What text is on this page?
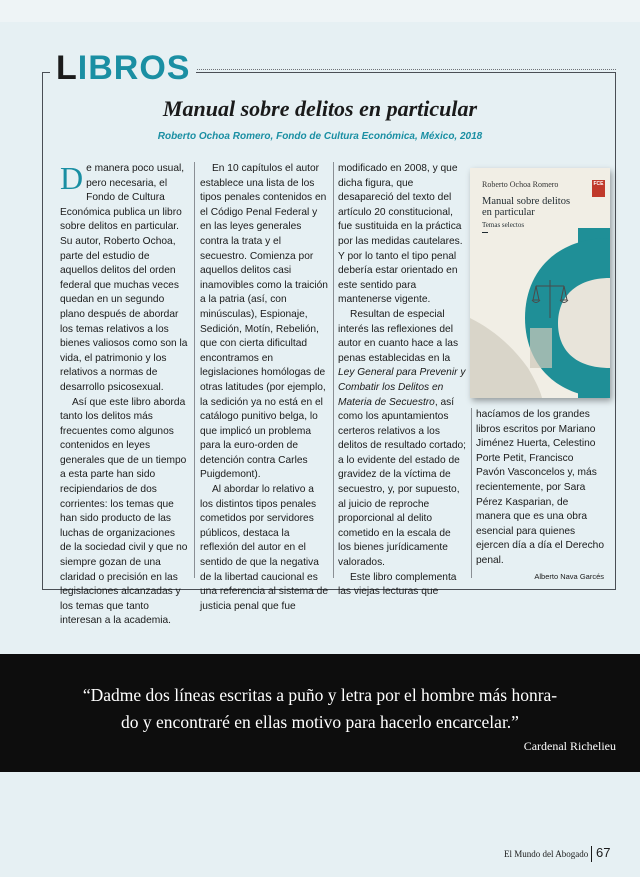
L IBROS
Manual sobre delitos en particular
Roberto Ochoa Romero, Fondo de Cultura Económica, México, 2018

De manera poco usual, pero necesaria, el Fondo de Cultura Económica publica un libro sobre delitos en particular. Su autor, Roberto Ochoa, parte del estudio de aquellos delitos del orden federal que muchas veces quedan en un segundo plano después de abordar los temas relativos a los bienes valiosos como son la vida, el patrimonio y los relativos a normas de desarrollo psicosexual.

Así que este libro aborda tanto los delitos más frecuentes como algunos contenidos en leyes generales que de un tiempo a esta parte han sido recipiendarios de dos corrientes: los temas que han sido producto de las luchas de organizaciones de la sociedad civil y que no siempre gozan de una claridad o precisión en las legislaciones alcanzadas y los temas que tanto interesan a la academia.

En 10 capítulos el autor establece una lista de los tipos penales contenidos en el Código Penal Federal y en las leyes generales contra la trata y el secuestro. Comienza por aquellos delitos casi inamovibles como la traición a la patria (así, con minúsculas), Espionaje, Sedición, Motín, Rebelión, que con cierta dificultad encontramos en legislaciones homólogas de otras latitudes (por ejemplo, la sedición ya no está en el catálogo punitivo belga, lo que implicó un problema para la euro-orden de detención contra Carles Puigdemont).

Al abordar lo relativo a los distintos tipos penales cometidos por servidores públicos, destaca la reflexión del autor en el sentido de que la negativa de la libertad caucional es una referencia al sistema de justicia penal que fue

modificado en 2008, y que dicha figura, que desapareció del texto del artículo 20 constitucional, fue sustituida en la práctica por las medidas cautelares. Y por lo tanto el tipo penal debería estar orientado en este sentido para mantenerse vigente.

Resultan de especial interés las reflexiones del autor en cuanto hace a las penas establecidas en la Ley General para Prevenir y Combatir los Delitos en Materia de Secuestro, así como los apuntamientos certeros relativos a los delitos de resultado cortado; a lo evidente del estado de gravidez de la víctima de secuestro, y, por supuesto, al juicio de reproche proporcional al delito cometido en la escala de los bienes jurídicamente valorados.

Este libro complementa las viejas lecturas que

Roberto Ochoa Romero
Manual sobre delitos en particular
Temas selectos
FCE

hacíamos de los grandes libros escritos por Mariano Jiménez Huerta, Celestino Porte Petit, Francisco Pavón Vasconcelos y, más recientemente, por Sara Pérez Kasparian, de manera que es una obra esencial para quienes ejercen día a día el Derecho penal.

Alberto Nava Garcés
“Dadme dos líneas escritas a puño y letra por el hombre más honra-
do y encontraré en ellas motivo para hacerlo encarcelar.”
Cardenal Richelieu
El Mundo del Abogado 67
